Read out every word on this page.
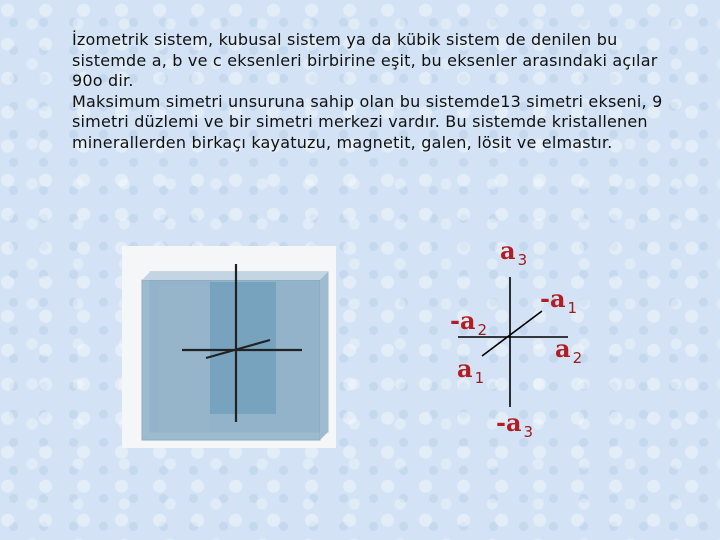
İzometrik sistem, kubusal sistem ya da kübik sistem de denilen bu sistemde a, b ve c eksenleri birbirine eşit, bu eksenler arasındaki açılar 90o dir.

Maksimum simetri unsuruna sahip olan bu sistemde13 simetri ekseni, 9 simetri düzlemi ve bir simetri merkezi vardır. Bu sistemde kristallenen minerallerden birkaçı kayatuzu, magnetit, galen, lösit ve elmastır.

a 3
-a 1
-a 2
a 2
a 1
-a 3
